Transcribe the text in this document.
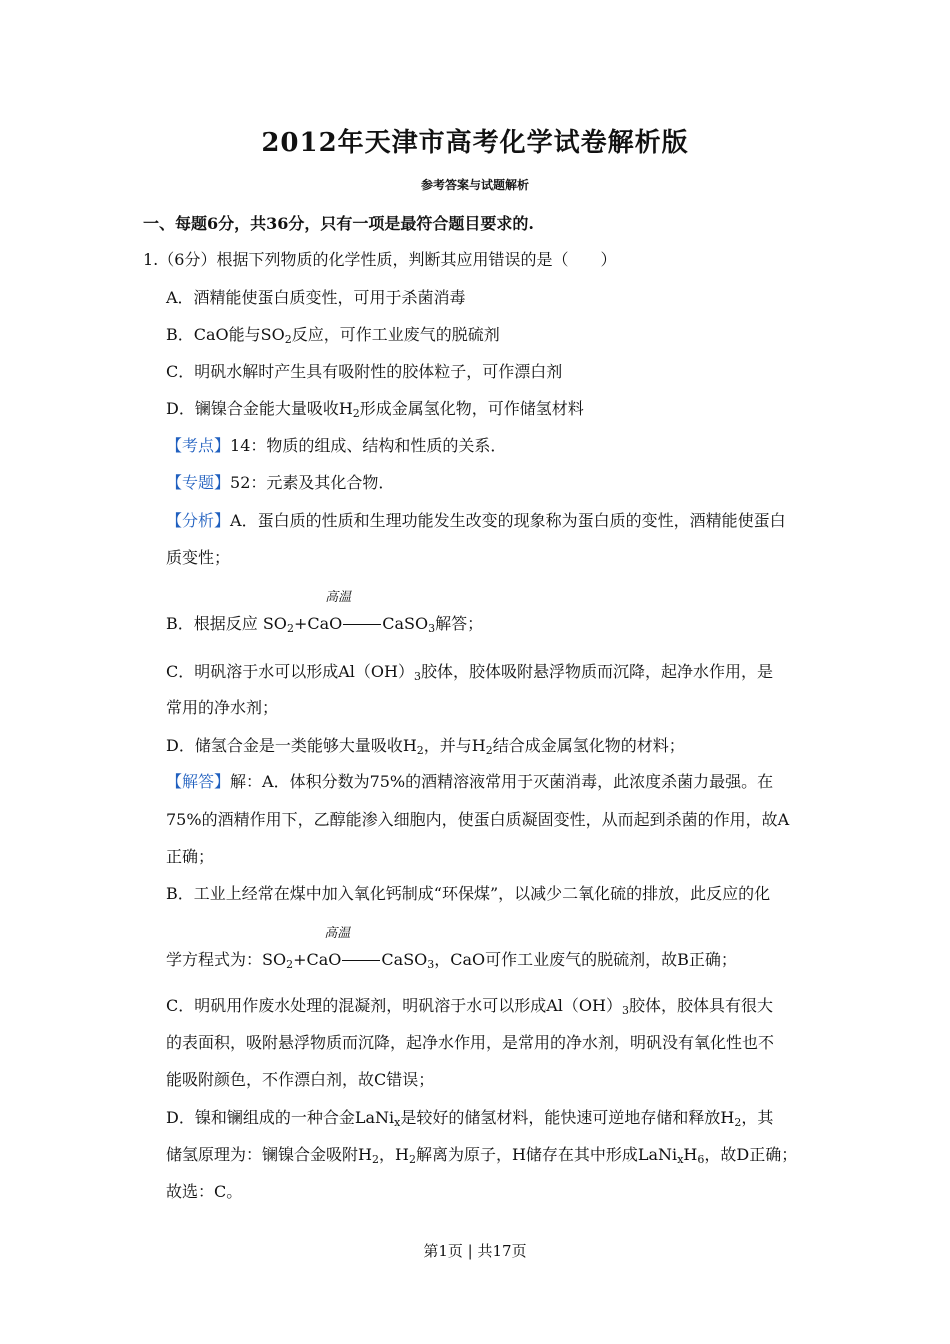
2012年天津市高考化学试卷解析版
参考答案与试题解析
一、每题6分，共36分，只有一项是最符合题目要求的.
1.（6分）根据下列物质的化学性质，判断其应用错误的是（　　）
A．酒精能使蛋白质变性，可用于杀菌消毒
B．CaO能与$SO_2$反应，可作工业废气的脱硫剂
C．明矾水解时产生具有吸附性的胶体粒子，可作漂白剂
D．镧镍合金能大量吸收$H_2$形成金属氢化物，可作储氢材料
【考点】14：物质的组成、结构和性质的关系．
【专题】52：元素及其化合物．
【分析】A．蛋白质的性质和生理功能发生改变的现象称为蛋白质的变性，酒精能使蛋白
质变性；
B．根据反应 $SO_2+CaO$
高温
CaSO$_3$解答；
C．明矾溶于水可以形成$Al(OH)_3$胶体，胶体吸附悬浮物质而沉降，起净水作用，是
常用的净水剂；
D．储氢合金是一类能够大量吸收$H_2$，并与$H_2$结合成金属氢化物的材料；
【解答】解：A．体积分数为75%的酒精溶液常用于灭菌消毒，此浓度杀菌力最强。在
75%的酒精作用下，乙醇能渗入细胞内，使蛋白质凝固变性，从而起到杀菌的作用，故A
正确；
B．工业上经常在煤中加入氧化钙制成“环保煤”，以减少二氧化硫的排放，此反应的化
学方程式为：$SO_2+CaO$
高温
CaSO$_3$，CaO可作工业废气的脱硫剂，故B正确；
C．明矾用作废水处理的混凝剂，明矾溶于水可以形成$Al(OH)_3$胶体，胶体具有很大
的表面积，吸附悬浮物质而沉降，起净水作用，是常用的净水剂，明矾没有氧化性也不
能吸附颜色，不作漂白剂，故C错误；
D．镍和镧组成的一种合金LaNi$_x$是较好的储氢材料，能快速可逆地存储和释放$H_2$，其
储氢原理为：镧镍合金吸附$H_2$，$H_2$解离为原子，H储存在其中形成$LaNi_xH_6$，故D正确；
故选：C。
第1页 | 共17页
